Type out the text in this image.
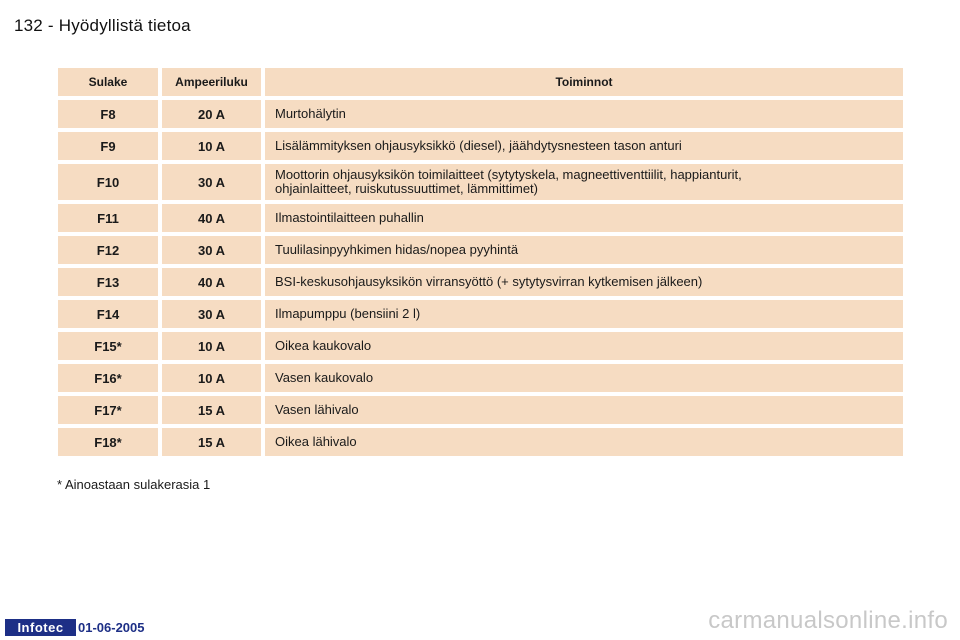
132 - Hyödyllistä tietoa
Sulake	Ampeeriluku	Toiminnot
F8	20 A	Murtohälytin
F9	10 A	Lisälämmityksen ohjausyksikkö (diesel), jäähdytysnesteen tason anturi
F10	30 A	Moottorin ohjausyksikön toimilaitteet (sytytyskela, magneettiventtiilit, happianturit,
ohjainlaitteet, ruiskutussuuttimet, lämmittimet)
F11	40 A	Ilmastointilaitteen puhallin
F12	30 A	Tuulilasinpyyhkimen hidas/nopea pyyhintä
F13	40 A	BSI-keskusohjausyksikön virransyöttö (+ sytytysvirran kytkemisen jälkeen)
F14	30 A	Ilmapumppu (bensiini 2 l)
F15*	10 A	Oikea kaukovalo
F16*	10 A	Vasen kaukovalo
F17*	15 A	Vasen lähivalo
F18*	15 A	Oikea lähivalo
* Ainoastaan sulakerasia 1
Infotec	01-06-2005	carmanualsonline.info
